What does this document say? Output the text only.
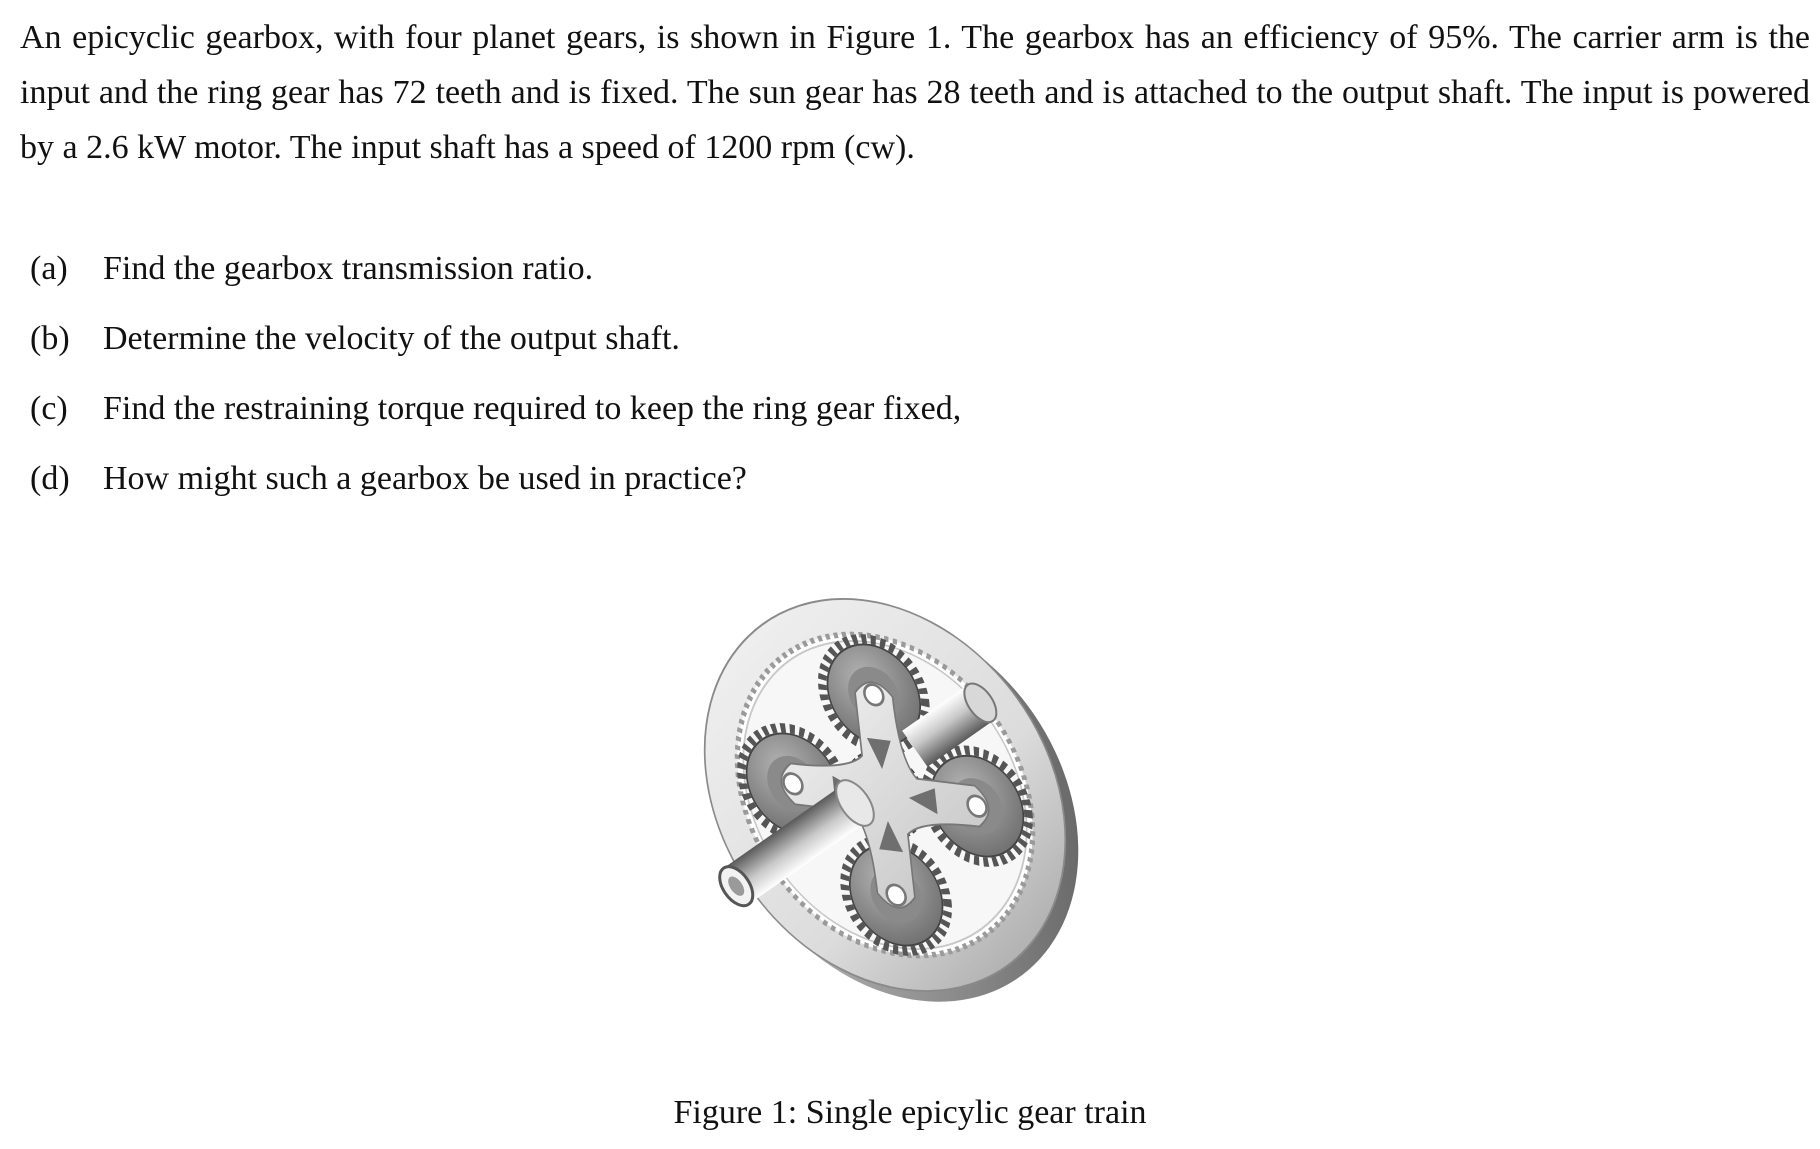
An epicyclic gearbox, with four planet gears, is shown in Figure 1. The gearbox has an efficiency of 95%. The carrier arm is the input and the ring gear has 72 teeth and is fixed. The sun gear has 28 teeth and is attached to the output shaft. The input is powered by a 2.6 kW motor. The input shaft has a speed of 1200 rpm (cw).

(a)	Find the gearbox transmission ratio.
(b) Determine the velocity of the output shaft.
(c)	Find the restraining torque required to keep the ring gear fixed,
(d) How might such a gearbox be used in practice?
Figure 1: Single epicylic gear train
